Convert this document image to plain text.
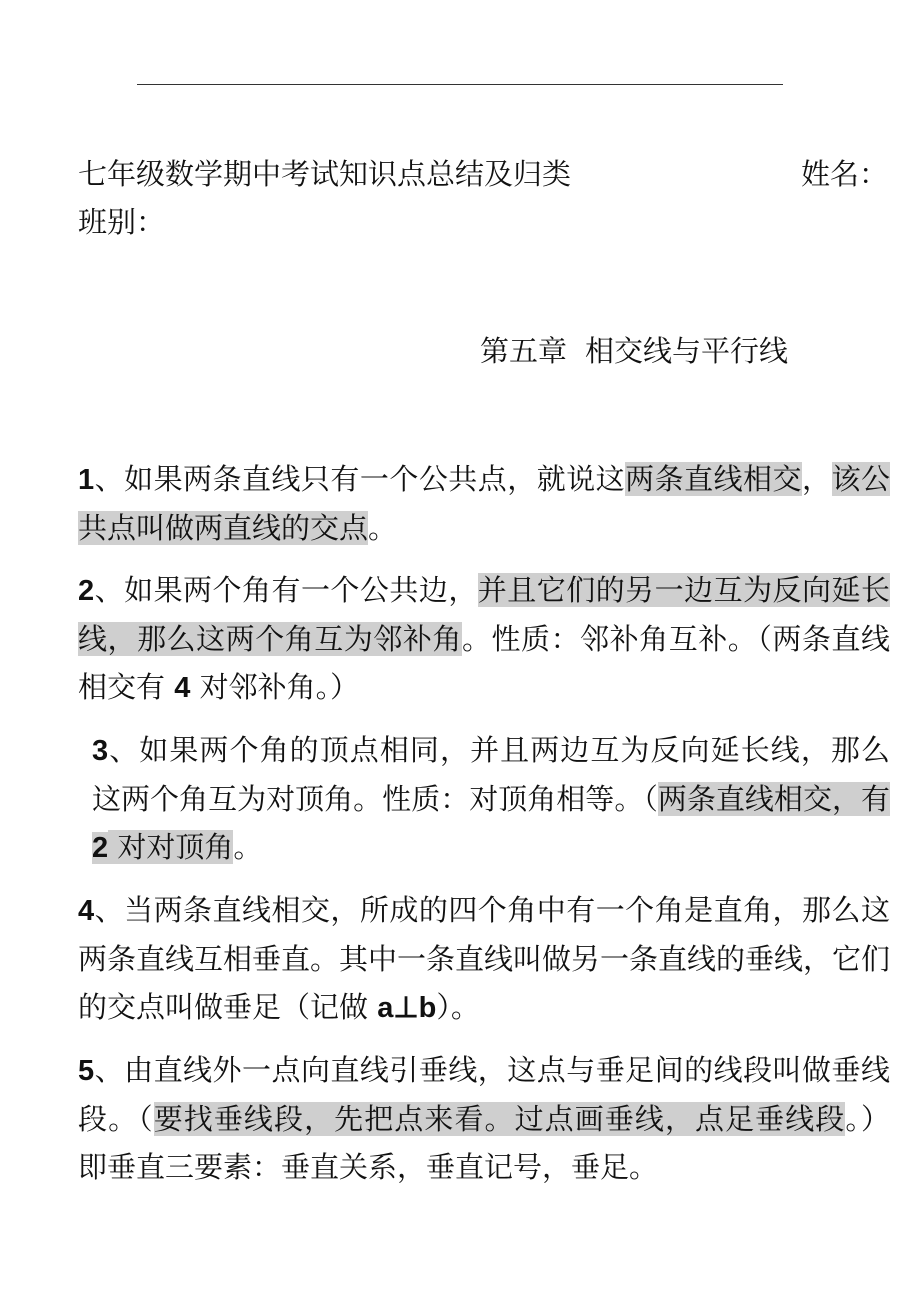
七年级数学期中考试知识点总结及归类	姓名：
班别：
第五章 相交线与平行线

1、如果两条直线只有一个公共点，就说这两条直线相交，该公共点叫做两直线的交点。

2、如果两个角有一个公共边，并且它们的另一边互为反向延长线，那么这两个角互为邻补角。性质：邻补角互补。（两条直线相交有 4 对邻补角。）

3、如果两个角的顶点相同，并且两边互为反向延长线，那么这两个角互为对顶角。性质：对顶角相等。（两条直线相交，有 2 对对顶角。

4、当两条直线相交，所成的四个角中有一个角是直角，那么这两条直线互相垂直。其中一条直线叫做另一条直线的垂线，它们的交点叫做垂足（记做 a⊥b）。

5、由直线外一点向直线引垂线，这点与垂足间的线段叫做垂线段。（要找垂线段，先把点来看。过点画垂线，点足垂线段。）即垂直三要素：垂直关系，垂直记号，垂足。
